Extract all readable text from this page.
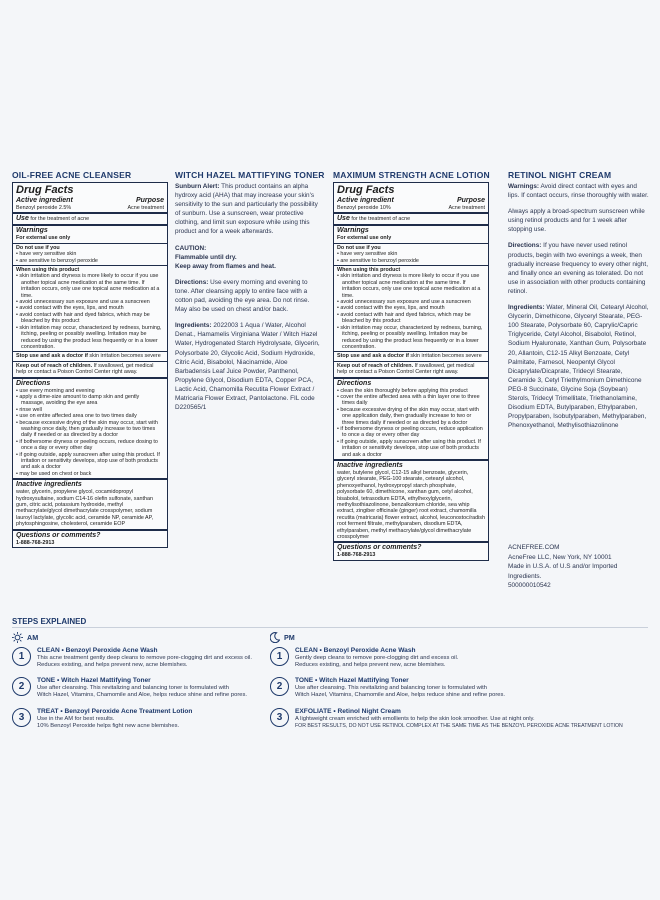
OIL-FREE ACNE CLEANSER	WITCH HAZEL MATTIFYING TONER MAXIMUM STRENGTH ACNE LOTION RETINOL NIGHT CREAM
Drug Facts
Active ingredient	Purpose
Benzoyl peroxide 2.5%	Acne treatment
Use for the treatment of acne
Warnings
For external use only
Do not use if you
• have very sensitive skin
• are sensitive to benzoyl peroxide
When using this product
• skin irritation and dryness is more likely to occur if you use another topical acne medication at the same time. If irritation occurs, only use one topical acne medication at a time.
• avoid unnecessary sun exposure and use a sunscreen
• avoid contact with the eyes, lips, and mouth
• avoid contact with hair and dyed fabrics, which may be bleached by this product
• skin irritation may occur, characterized by redness, burning, itching, peeling or possibly swelling. Irritation may be reduced by using the product less frequently or in a lower concentration.
Stop use and ask a doctor if skin irritation becomes severe
Keep out of reach of children. If swallowed, get medical help or contact a Poison Control Center right away.
Directions
• use every morning and evening
• apply a dime-size amount to damp skin and gently massage, avoiding the eye area
• rinse well
• use on entire affected area one to two times daily
• because excessive drying of the skin may occur, start with washing once daily, then gradually increase to two times daily if needed or as directed by a doctor
• if bothersome dryness or peeling occurs, reduce dosing to once a day or every other day
• if going outside, apply sunscreen after using this product. If irritation or sensitivity develops, stop use of both products and ask a doctor
• may be used on chest or back
Inactive ingredients
water, glycerin, propylene glycol, cocamidopropyl hydroxysultaine, sodium C14-16 olefin sulfonate, xanthan gum, citric acid, potassium hydroxide, methyl methacrylate/glycol dimethacrylate crosspolymer, sodium lauroyl lactylate, glycolic acid, ceramide NP, ceramide AP, phytosphingosine, cholesterol, ceramide EOP
Questions or comments?
1-888-768-2913

Sunburn Alert: This product contains an alpha hydroxy acid (AHA) that may increase your skin's sensitivity to the sun and particularly the possibility of sunburn. Use a sunscreen, wear protective clothing, and limit sun exposure while using this product and for a week afterwards.

CAUTION:

Flammable until dry.

Keep away from flames and heat.

Directions: Use every morning and evening to tone. After cleansing apply to entire face with a cotton pad, avoiding the eye area. Do not rinse. May also be used on chest and/or back.

Ingredients: 2022003 1 Aqua / Water, Alcohol Denat., Hamamelis Virginiana Water / Witch Hazel Water, Hydrogenated Starch Hydrolysate, Glycerin, Polysorbate 20, Glycolic Acid, Sodium Hydroxide, Citric Acid, Bisabolol, Niacinamide, Aloe Barbadensis Leaf Juice Powder, Panthenol, Propylene Glycol, Disodium EDTA, Copper PCA, Lactic Acid, Chamomilla Recutita Flower Extract / Matricaria Flower Extract, Pantolactone. FIL code D220565/1

Drug Facts
Active ingredient	Purpose
Benzoyl peroxide 10%	Acne treatment
Use for the treatment of acne
Warnings
For external use only
Do not use if you
• have very sensitive skin
• are sensitive to benzoyl peroxide
When using this product
• skin irritation and dryness is more likely to occur if you use another topical acne medication at the same time. If irritation occurs, only use one topical acne medication at a time.
• avoid unnecessary sun exposure and use a sunscreen
• avoid contact with the eyes, lips, and mouth
• avoid contact with hair and dyed fabrics, which may be bleached by this product
• skin irritation may occur, characterized by redness, burning, itching, peeling or possibly swelling. Irritation may be reduced by using the product less frequently or in a lower concentration.
Stop use and ask a doctor if skin irritation becomes severe
Keep out of reach of children. If swallowed, get medical help or contact a Poison Control Center right away.
Directions
• clean the skin thoroughly before applying this product
• cover the entire affected area with a thin layer one to three times daily
• because excessive drying of the skin may occur, start with one application daily, then gradually increase to two or three times daily if needed or as directed by a doctor
• if bothersome dryness or peeling occurs, reduce application to once a day or every other day
• if going outside, apply sunscreen after using this product. If irritation or sensitivity develops, stop use of both products and ask a doctor
Inactive ingredients
water, butylene glycol, C12-15 alkyl benzoate, glycerin, glyceryl stearate, PEG-100 stearate, cetearyl alcohol, phenoxyethanol, hydroxypropyl starch phosphate, polysorbate 60, dimethicone, xanthan gum, cetyl alcohol, bisabolol, tetrasodium EDTA, ethylhexylglycerin, methylisothiazolinone, benzalkonium chloride, sea whip extract, zingiber officinale (ginger) root extract, chamomilla recutita (matricaria) flower extract, alcohol, leuconostoc/radish root ferment filtrate, methylparaben, disodium EDTA, ethylparaben, methyl methacrylate/glycol dimethacrylate crosspolymer
Questions or comments?
1-888-768-2913

Warnings: Avoid direct contact with eyes and lips. If contact occurs, rinse thoroughly with water.

Always apply a broad-spectrum sunscreen while using retinol products and for 1 week after stopping use.

Directions: If you have never used retinol products, begin with two evenings a week, then gradually increase frequency to every other night, and finally once an evening as tolerated. Do not use in association with other products containing retinol.

Ingredients: Water, Mineral Oil, Cetearyl Alcohol, Glycerin, Dimethicone, Glyceryl Stearate, PEG-100 Stearate, Polysorbate 60, Caprylic/Capric Triglyceride, Cetyl Alcohol, Bisabolol, Retinol, Sodium Hyaluronate, Xanthan Gum, Polysorbate 20, Allantoin, C12-15 Alkyl Benzoate, Cetyl Palmitate, Farnesol, Neopentyl Glycol Dicaprylate/Dicaprate, Tridecyl Stearate, Ceramide 3, Cetyl Triethylmonium Dimethicone PEG-8 Succinate, Glycine Soja (Soybean) Sterols, Tridecyl Trimellitate, Triethanolamine, Disodium EDTA, Butylparaben, Ethylparaben, Propylparaben, Isobutylparaben, Methylparaben, Phenoxyethanol, Methylisothiazolinone

ACNEFREE.COM
AcneFree LLC, New York, NY 10001
Made in U.S.A. of U.S and/or Imported Ingredients.
500000010542
STEPS EXPLAINED
AM	PM
1
CLEAN • Benzoyl Peroxide Acne Wash
This acne treatment gently deep cleans to remove pore-clogging dirt and excess oil.
Reduces existing, and helps prevent new, acne blemishes.
2
TONE • Witch Hazel Mattifying Toner
Use after cleansing. This revitalizing and balancing toner is formulated with
Witch Hazel, Vitamins, Chamomile and Aloe, helps reduce shine and refine pores.
3
TREAT • Benzoyl Peroxide Acne Treatment Lotion
Use in the AM for best results.
10% Benzoyl Peroxide helps fight new acne blemishes.
1
CLEAN • Benzoyl Peroxide Acne Wash
Gently deep cleans to remove pore-clogging dirt and excess oil.
Reduces existing, and helps prevent new, acne blemishes.
2
TONE • Witch Hazel Mattifying Toner
Use after cleansing. This revitalizing and balancing toner is formulated with
Witch Hazel, Vitamins, Chamomile and Aloe, helps reduce shine and refine pores.
3
EXFOLIATE • Retinol Night Cream
A lightweight cream enriched with emollients to help the skin look smoother. Use at night only.
FOR BEST RESULTS, DO NOT USE RETINOL COMPLEX AT THE SAME TIME AS THE BENZOYL PEROXIDE ACNE TREATMENT LOTION
